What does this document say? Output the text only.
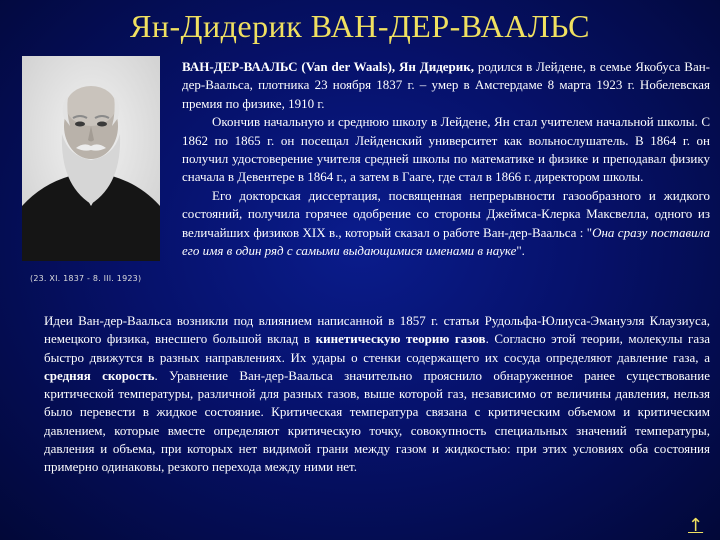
Ян-Дидерик ВАН-ДЕР-ВААЛЬС
(23. XI. 1837 - 8. III. 1923)

ВАН-ДЕР-ВААЛЬС (Van der Waals), Ян Дидерик, родился в Лейдене, в семье Якобуса Ван-дер-Ваальса, плотника 23 ноября 1837 г. – умер в Амстердаме 8 марта 1923 г. Нобелевская премия по физике, 1910 г.

Окончив начальную и среднюю школу в Лейдене, Ян стал учителем начальной школы. С 1862 по 1865 г. он посещал Лейденский университет как вольнослушатель. В 1864 г. он получил удостоверение учителя средней школы по математике и физике и преподавал физику сначала в Девентере в 1864 г., а затем в Гааге, где стал в 1866 г. директором школы.

Его докторская диссертация, посвященная непрерывности газообразного и жидкого состояний, получила горячее одобрение со стороны Джеймса-Клерка Максвелла, одного из величайших физиков XIX в., который сказал о работе Ван-дер-Ваальса : "Она сразу поставила его имя в один ряд с самыми выдающимися именами в науке".

Идеи Ван-дер-Ваальса возникли под влиянием написанной в 1857 г. статьи Рудольфа-Юлиуса-Эмануэля Клаузиуса, немецкого физика, внесшего большой вклад в кинетическую теорию газов. Согласно этой теории, молекулы газа быстро движутся в разных направлениях. Их удары о стенки содержащего их сосуда определяют давление газа, а средняя скорость. Уравнение Ван-дер-Ваальса значительно прояснило обнаруженное ранее существование критической температуры, различной для разных газов, выше которой газ, независимо от величины давления, нельзя было перевести в жидкое состояние. Критическая температура связана с критическим объемом и критическим давлением, которые вместе определяют критическую точку, совокупность специальных значений температуры, давления и объема, при которых нет видимой грани между газом и жидкостью: при этих условиях оба состояния примерно одинаковы, резкого перехода между ними нет.
↑
